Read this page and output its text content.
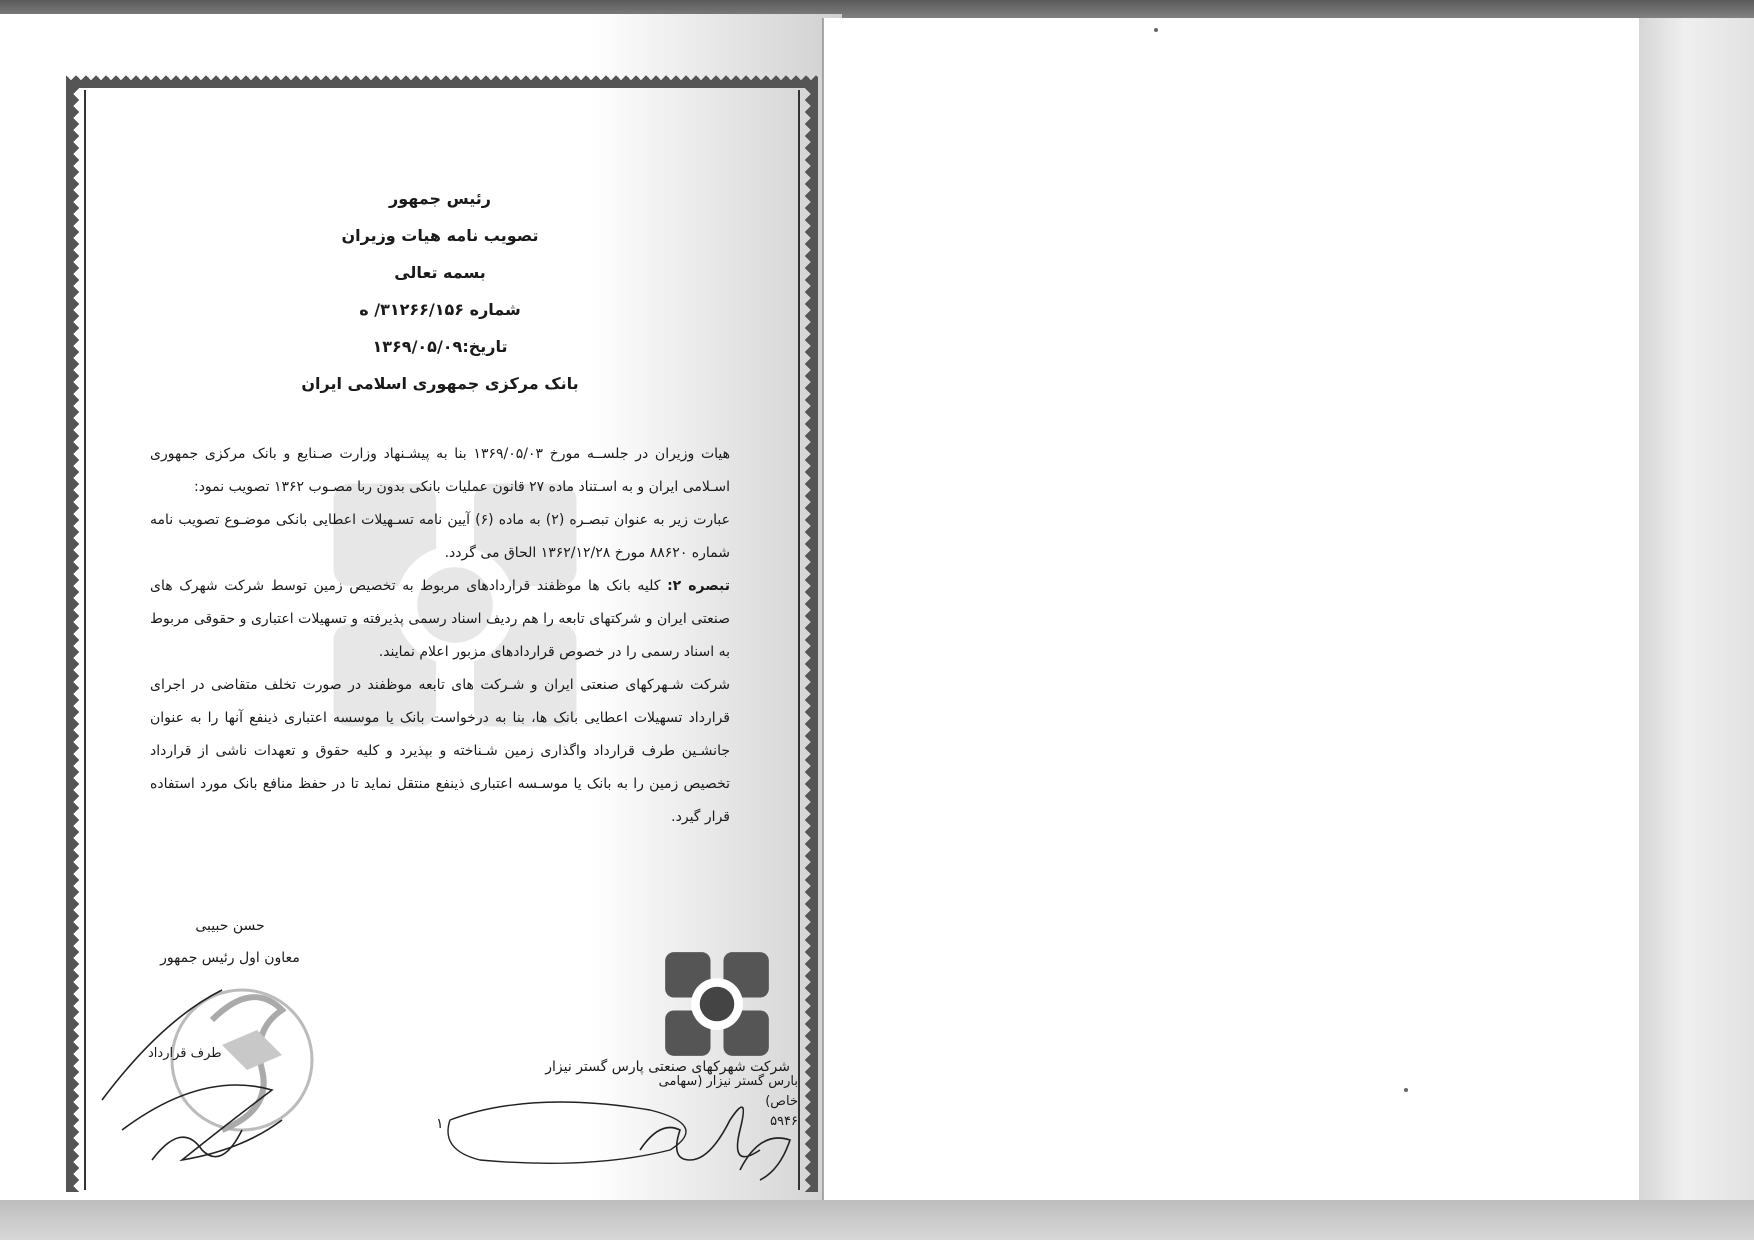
رئیس جمهور
تصویب نامه هیات وزیران
بسمه تعالی
شماره ۳۱۲۶۶/۱۵۶/ ه
تاریخ:۱۳۶۹/۰۵/۰۹
بانک مرکزی جمهوری اسلامی ایران

هیات وزیران در جلســه مورخ ۱۳۶۹/۰۵/۰۳ بنا به پیشـنهاد وزارت صـنایع و بانک مرکزی جمهوری اسـلامی ایران و به اسـتناد ماده ۲۷ قانون عملیات بانکی بدون ربا مصـوب ۱۳۶۲ تصویب نمود:

عبارت زیر به عنوان تبصـره (۲) به ماده (۶) آیین نامه تسـهیلات اعطایی بانکی موضـوع تصویب نامه شماره ۸۸۶۲۰ مورخ ۱۳۶۲/۱۲/۲۸ الحاق می گردد.

تبصره ۲: کلیه بانک ها موظفند قراردادهای مربوط به تخصیص زمین توسط شرکت شهرک های صنعتی ایران و شرکتهای تابعه را هم ردیف اسناد رسمی پذیرفته و تسهیلات اعتباری و حقوقی مربوط به اسناد رسمی را در خصوص قراردادهای مزبور اعلام نمایند.

شرکت شـهرکهای صنعتی ایران و شـرکت های تابعه موظفند در صورت تخلف متقاضی در اجرای قرارداد تسهیلات اعطایی بانک ها، بنا به درخواست بانک یا موسسه اعتباری ذینفع آنها را به عنوان جانشـین طرف قرارداد واگذاری زمین شـناخته و بپذیرد و کلیه حقوق و تعهدات ناشی از قرارداد تخصیص زمین را به بانک یا موسـسه اعتباری ذینفع منتقل نماید تا در حفظ منافع بانک مورد استفاده قرار گیرد.

حسن حبیبی
معاون اول رئیس جمهور
طرف قرارداد
شرکت شهرکهای صنعتی پارس گستر نیزار
بارس گستر نیزار (سهامی خاص)
۵۹۴۶
۱
